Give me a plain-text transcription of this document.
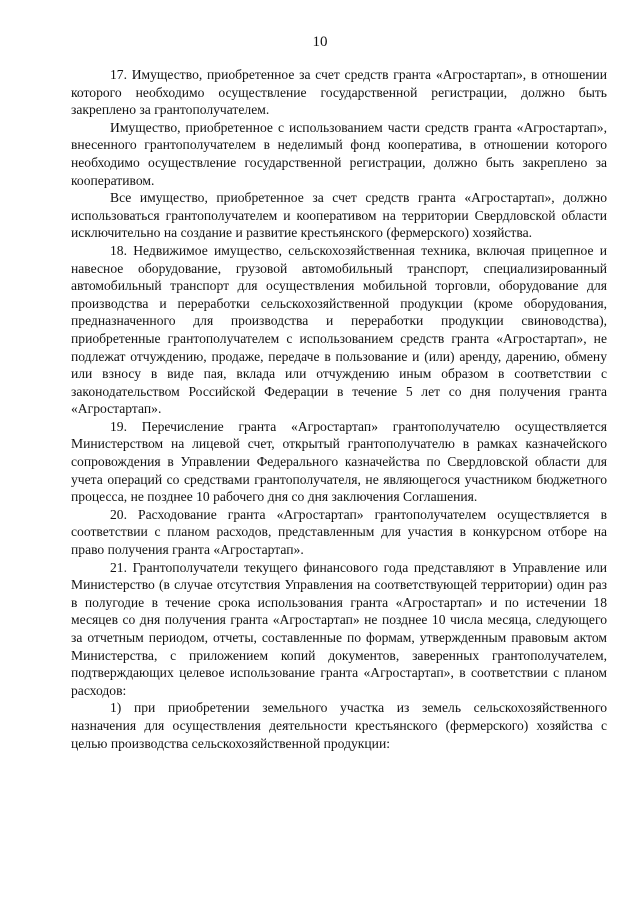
10

17. Имущество, приобретенное за счет средств гранта «Агростартап», в отношении которого необходимо осуществление государственной регистрации, должно быть закреплено за грантополучателем.

Имущество, приобретенное с использованием части средств гранта «Агростартап», внесенного грантополучателем в неделимый фонд кооператива, в отношении которого необходимо осуществление государственной регистрации, должно быть закреплено за кооперативом.

Все имущество, приобретенное за счет средств гранта «Агростартап», должно использоваться грантополучателем и кооперативом на территории Свердловской области исключительно на создание и развитие крестьянского (фермерского) хозяйства.

18. Недвижимое имущество, сельскохозяйственная техника, включая прицепное и навесное оборудование, грузовой автомобильный транспорт, специализированный автомобильный транспорт для осуществления мобильной торговли, оборудование для производства и переработки сельскохозяйственной продукции (кроме оборудования, предназначенного для производства и переработки продукции свиноводства), приобретенные грантополучателем с использованием средств гранта «Агростартап», не подлежат отчуждению, продаже, передаче в пользование и (или) аренду, дарению, обмену или взносу в виде пая, вклада или отчуждению иным образом в соответствии с законодательством Российской Федерации в течение 5 лет со дня получения гранта «Агростартап».

19. Перечисление гранта «Агростартап» грантополучателю осуществляется Министерством на лицевой счет, открытый грантополучателю в рамках казначейского сопровождения в Управлении Федерального казначейства по Свердловской области для учета операций со средствами грантополучателя, не являющегося участником бюджетного процесса, не позднее 10 рабочего дня со дня заключения Соглашения.

20. Расходование гранта «Агростартап» грантополучателем осуществляется в соответствии с планом расходов, представленным для участия в конкурсном отборе на право получения гранта «Агростартап».

21. Грантополучатели текущего финансового года представляют в Управление или Министерство (в случае отсутствия Управления на соответствующей территории) один раз в полугодие в течение срока использования гранта «Агростартап» и по истечении 18 месяцев со дня получения гранта «Агростартап» не позднее 10 числа месяца, следующего за отчетным периодом, отчеты, составленные по формам, утвержденным правовым актом Министерства, с приложением копий документов, заверенных грантополучателем, подтверждающих целевое использование гранта «Агростартап», в соответствии с планом расходов:

1) при приобретении земельного участка из земель сельскохозяйственного назначения для осуществления деятельности крестьянского (фермерского) хозяйства с целью производства сельскохозяйственной продукции:
